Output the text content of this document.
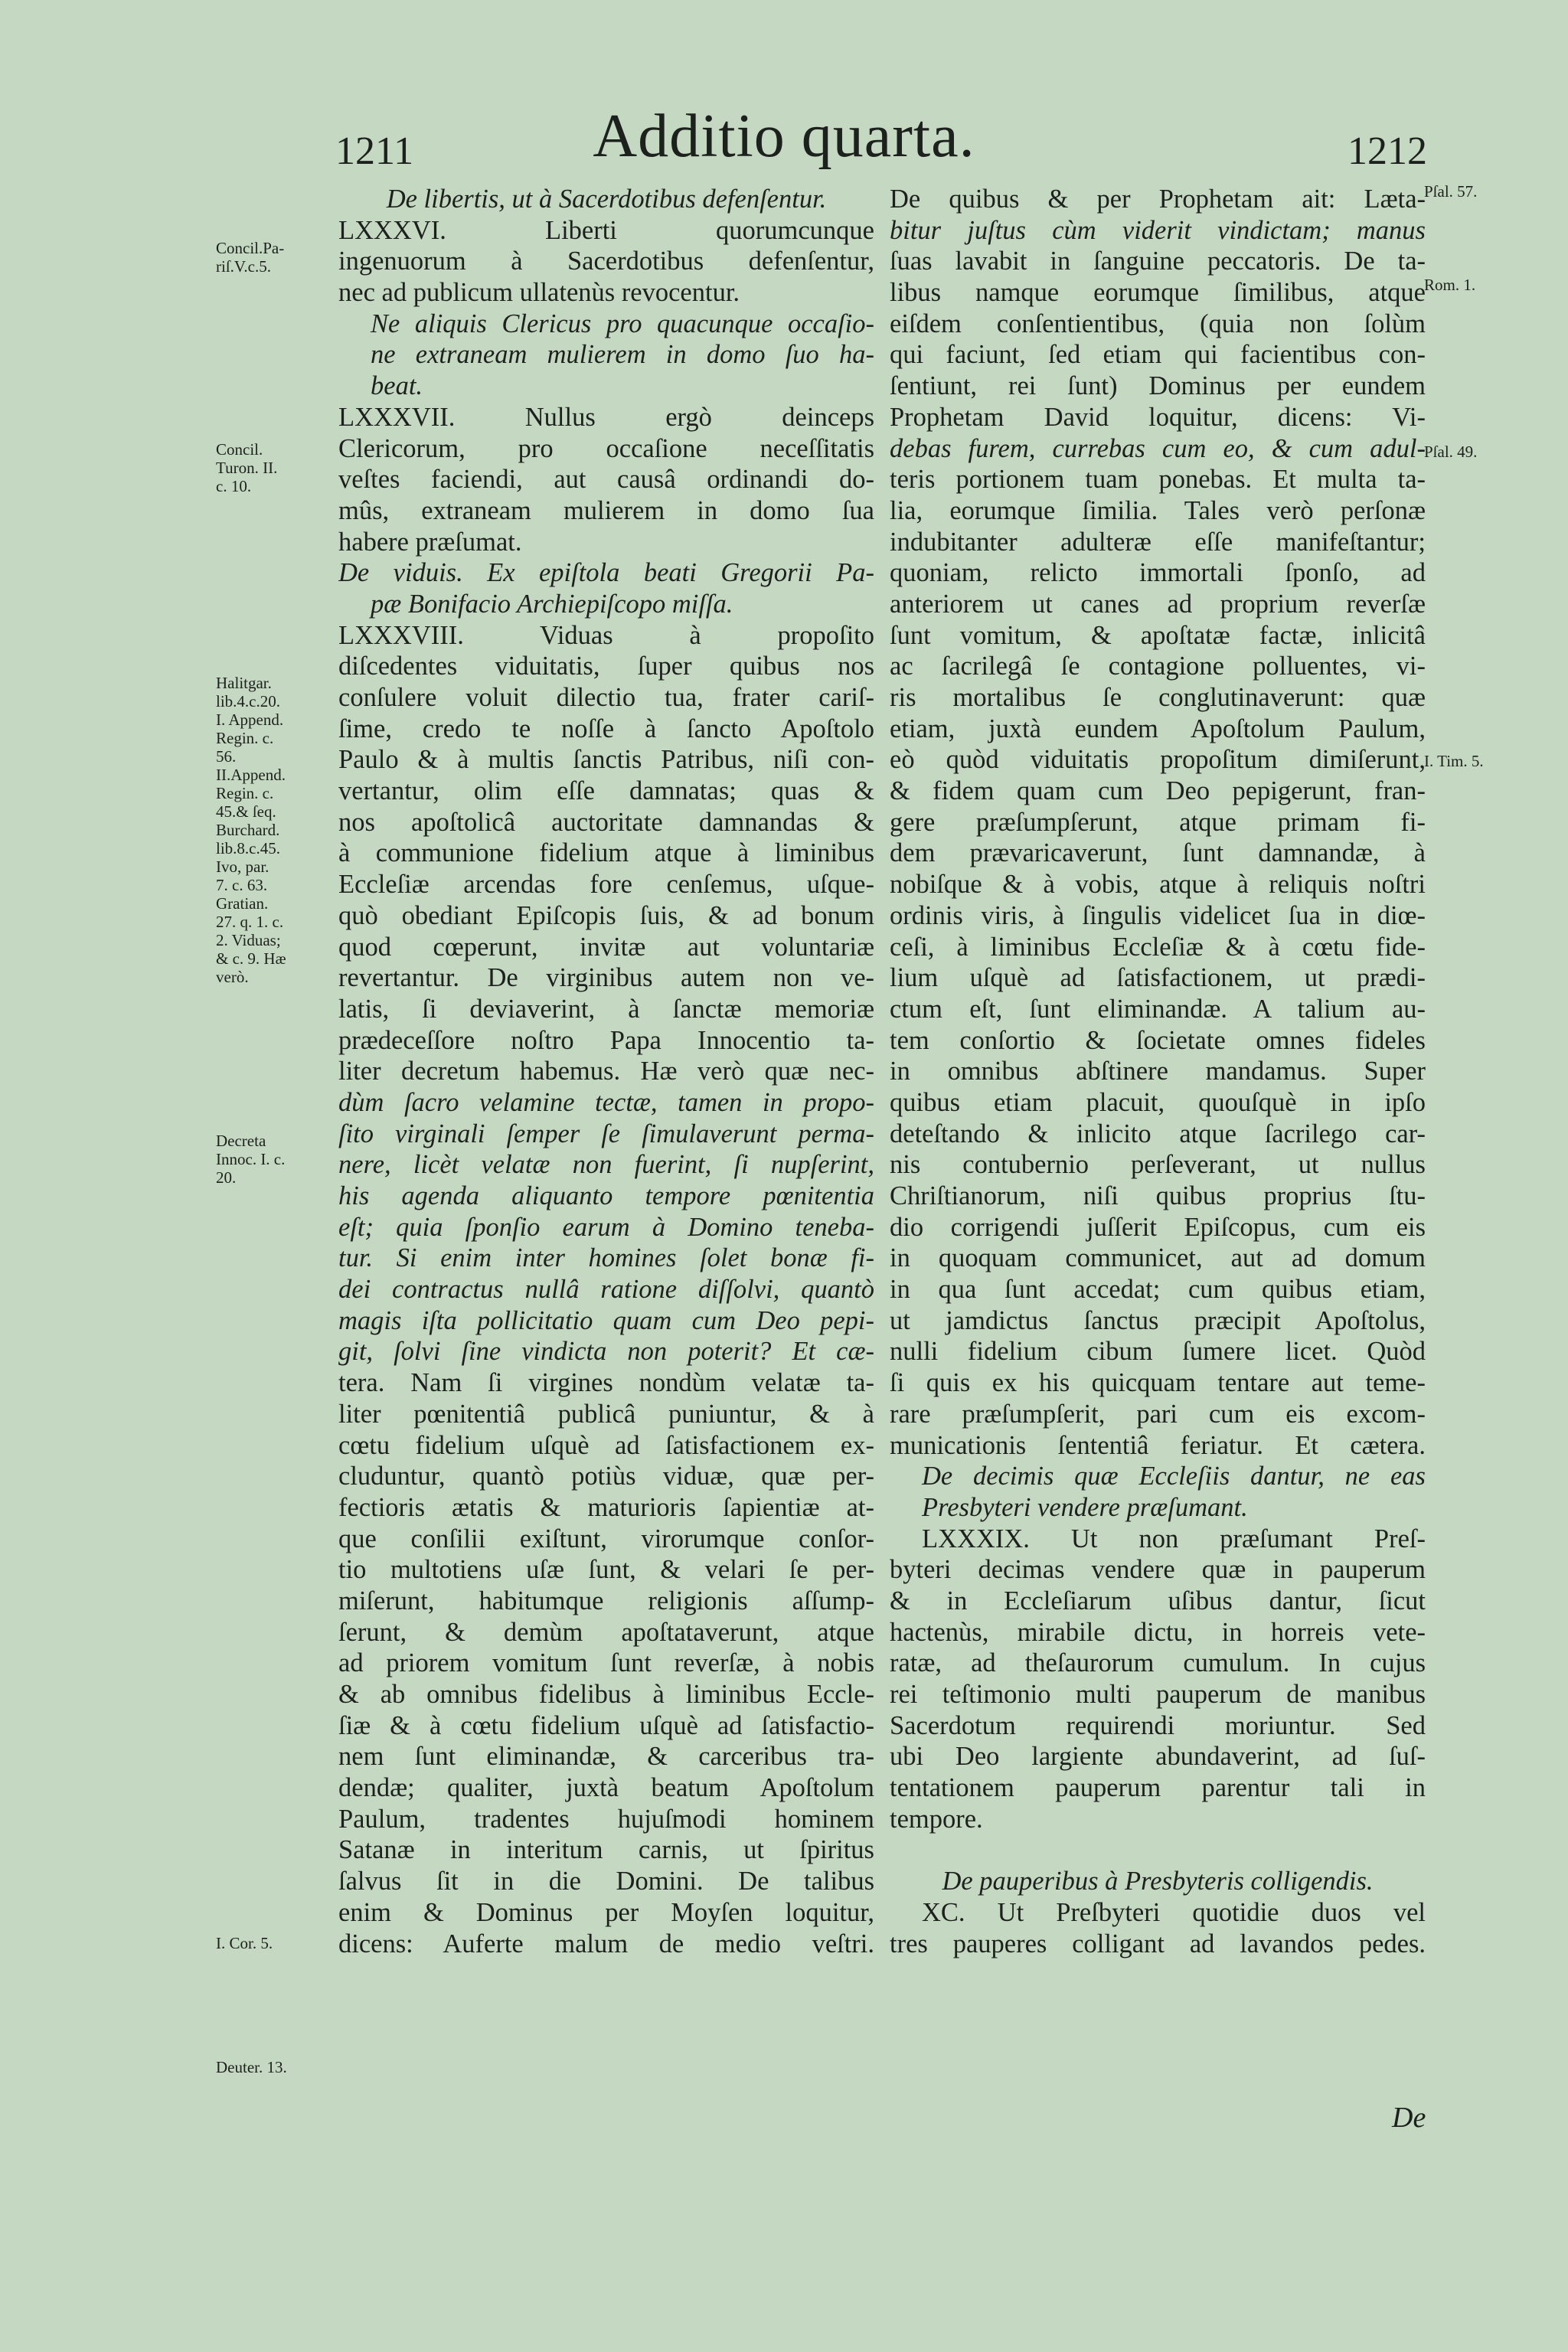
1211	Additio quarta.	1212
Concil.Pa-
riſ.V.c.5.
Concil.
Turon. II.
c. 10.
Halitgar.
lib.4.c.20.
I. Append.
Regin. c.
56.
II.Append.
Regin. c.
45.& ſeq.
Burchard.
lib.8.c.45.
Ivo, par.
7. c. 63.
Gratian.
27. q. 1. c.
2. Viduas;
& c. 9. Hæ
verò.
Decreta
Innoc. I. c.
20.
I. Cor. 5.
Deuter. 13.
De libertis, ut à Sacerdotibus defenſentur.
LXXXVI. Liberti quorumcunque
ingenuorum à Sacerdotibus defenſentur,
nec ad publicum ullatenùs revocentur.
Ne aliquis Clericus pro quacunque occaſio-
ne extraneam mulierem in domo ſuo ha-
beat.
LXXXVII. Nullus ergò deinceps
Clericorum, pro occaſione neceſſitatis
veſtes faciendi, aut causâ ordinandi do-
mûs, extraneam mulierem in domo ſua
habere præſumat.
De viduis. Ex epiſtola beati Gregorii Pa-
pæ Bonifacio Archiepiſcopo miſſa.
LXXXVIII. Viduas à propoſito
diſcedentes viduitatis, ſuper quibus nos
conſulere voluit dilectio tua, frater cariſ-
ſime, credo te noſſe à ſancto Apoſtolo
Paulo & à multis ſanctis Patribus, niſi con-
vertantur, olim eſſe damnatas; quas &
nos apoſtolicâ auctoritate damnandas &
à communione fidelium atque à liminibus
Eccleſiæ arcendas fore cenſemus, uſque-
quò obediant Epiſcopis ſuis, & ad bonum
quod cœperunt, invitæ aut voluntariæ
revertantur. De virginibus autem non ve-
latis, ſi deviaverint, à ſanctæ memoriæ
prædeceſſore noſtro Papa Innocentio ta-
liter decretum habemus. Hæ verò quæ nec-
dùm ſacro velamine tectæ, tamen in propo-
ſito virginali ſemper ſe ſimulaverunt perma-
nere, licèt velatæ non fuerint, ſi nupſerint,
his agenda aliquanto tempore pœnitentia
eſt; quia ſponſio earum à Domino teneba-
tur. Si enim inter homines ſolet bonæ fi-
dei contractus nullâ ratione diſſolvi, quantò
magis iſta pollicitatio quam cum Deo pepi-
git, ſolvi ſine vindicta non poterit? Et cæ-
tera. Nam ſi virgines nondùm velatæ ta-
liter pœnitentiâ publicâ puniuntur, & à
cœtu fidelium uſquè ad ſatisfactionem ex-
cluduntur, quantò potiùs viduæ, quæ per-
fectioris ætatis & maturioris ſapientiæ at-
que conſilii exiſtunt, virorumque conſor-
tio multotiens uſæ ſunt, & velari ſe per-
miſerunt, habitumque religionis aſſump-
ſerunt, & demùm apoſtataverunt, atque
ad priorem vomitum ſunt reverſæ, à nobis
& ab omnibus fidelibus à liminibus Eccle-
ſiæ & à cœtu fidelium uſquè ad ſatisfactio-
nem ſunt eliminandæ, & carceribus tra-
dendæ; qualiter, juxtà beatum Apoſtolum
Paulum, tradentes hujuſmodi hominem
Satanæ in interitum carnis, ut ſpiritus
ſalvus ſit in die Domini. De talibus
enim & Dominus per Moyſen loquitur,
dicens: Auferte malum de medio veſtri.
De quibus & per Prophetam ait: Læta-
bitur juſtus cùm viderit vindictam; manus
ſuas lavabit in ſanguine peccatoris. De ta-
libus namque eorumque ſimilibus, atque
eiſdem conſentientibus, (quia non ſolùm
qui faciunt, ſed etiam qui facientibus con-
ſentiunt, rei ſunt) Dominus per eundem
Prophetam David loquitur, dicens: Vi-
debas furem, currebas cum eo, & cum adul-
teris portionem tuam ponebas. Et multa ta-
lia, eorumque ſimilia. Tales verò perſonæ
indubitanter adulteræ eſſe manifeſtantur;
quoniam, relicto immortali ſponſo, ad
anteriorem ut canes ad proprium reverſæ
ſunt vomitum, & apoſtatæ factæ, inlicitâ
ac ſacrilegâ ſe contagione polluentes, vi-
ris mortalibus ſe conglutinaverunt: quæ
etiam, juxtà eundem Apoſtolum Paulum,
eò quòd viduitatis propoſitum dimiſerunt,
& fidem quam cum Deo pepigerunt, fran-
gere præſumpſerunt, atque primam fi-
dem prævaricaverunt, ſunt damnandæ, à
nobiſque & à vobis, atque à reliquis noſtri
ordinis viris, à ſingulis videlicet ſua in diœ-
ceſi, à liminibus Eccleſiæ & à cœtu fide-
lium uſquè ad ſatisfactionem, ut prædi-
ctum eſt, ſunt eliminandæ. A talium au-
tem conſortio & ſocietate omnes fideles
in omnibus abſtinere mandamus. Super
quibus etiam placuit, quouſquè in ipſo
deteſtando & inlicito atque ſacrilego car-
nis contubernio perſeverant, ut nullus
Chriſtianorum, niſi quibus proprius ſtu-
dio corrigendi juſſerit Epiſcopus, cum eis
in quoquam communicet, aut ad domum
in qua ſunt accedat; cum quibus etiam,
ut jamdictus ſanctus præcipit Apoſtolus,
nulli fidelium cibum ſumere licet. Quòd
ſi quis ex his quicquam tentare aut teme-
rare præſumpſerit, pari cum eis excom-
municationis ſententiâ feriatur. Et cætera.
De decimis quæ Eccleſiis dantur, ne eas
Presbyteri vendere præſumant.
LXXXIX. Ut non præſumant Preſ-
byteri decimas vendere quæ in pauperum
& in Eccleſiarum uſibus dantur, ſicut
hactenùs, mirabile dictu, in horreis vete-
ratæ, ad theſaurorum cumulum. In cujus
rei teſtimonio multi pauperum de manibus
Sacerdotum requirendi moriuntur. Sed
ubi Deo largiente abundaverint, ad ſuſ-
tentationem pauperum parentur tali in
tempore.
De pauperibus à Presbyteris colligendis.
XC. Ut Preſbyteri quotidie duos vel
tres pauperes colligant ad lavandos pedes.
Pſal. 57.
Rom. 1.
Pſal. 49.
I. Tim. 5.
De
